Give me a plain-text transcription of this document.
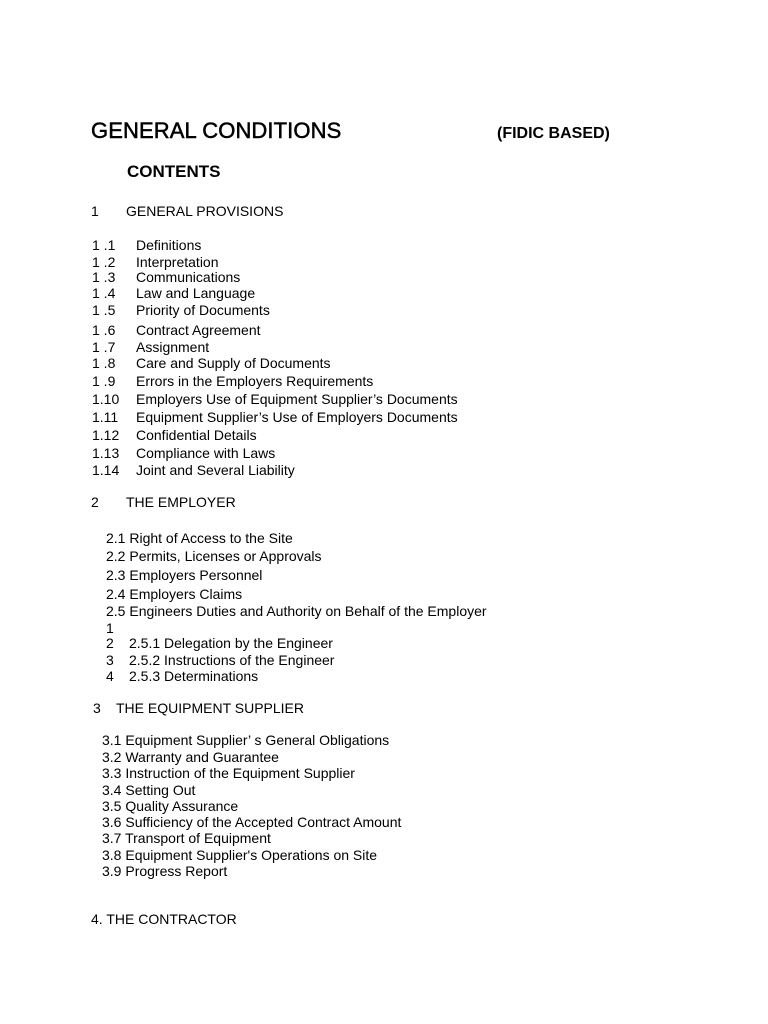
GENERAL CONDITIONS	(FIDIC BASED)
CONTENTS
1 GENERAL PROVISIONS
1 .1 Definitions
1 .2 Interpretation
1 .3 Communications
1 .4 Law and Language
1 .5 Priority of Documents
1 .6 Contract Agreement
1 .7 Assignment
1 .8 Care and Supply of Documents
1 .9 Errors in the Employers Requirements
1.10 Employers Use of Equipment Supplier’s Documents
1.11 Equipment Supplier’s Use of Employers Documents
1.12 Confidential Details
1.13 Compliance with Laws
1.14 Joint and Several Liability
2 THE EMPLOYER
2.1 Right of Access to the Site
2.2 Permits, Licenses or Approvals
2.3 Employers Personnel
2.4 Employers Claims
2.5 Engineers Duties and Authority on Behalf of the Employer
1
2 2.5.1 Delegation by the Engineer
3 2.5.2 Instructions of the Engineer
4 2.5.3 Determinations
3 THE EQUIPMENT SUPPLIER
3.1 Equipment Supplier’ s General Obligations
3.2 Warranty and Guarantee
3.3 Instruction of the Equipment Supplier
3.4 Setting Out
3.5 Quality Assurance
3.6 Sufficiency of the Accepted Contract Amount
3.7 Transport of Equipment
3.8 Equipment Supplier's Operations on Site
3.9 Progress Report
4. THE CONTRACTOR
